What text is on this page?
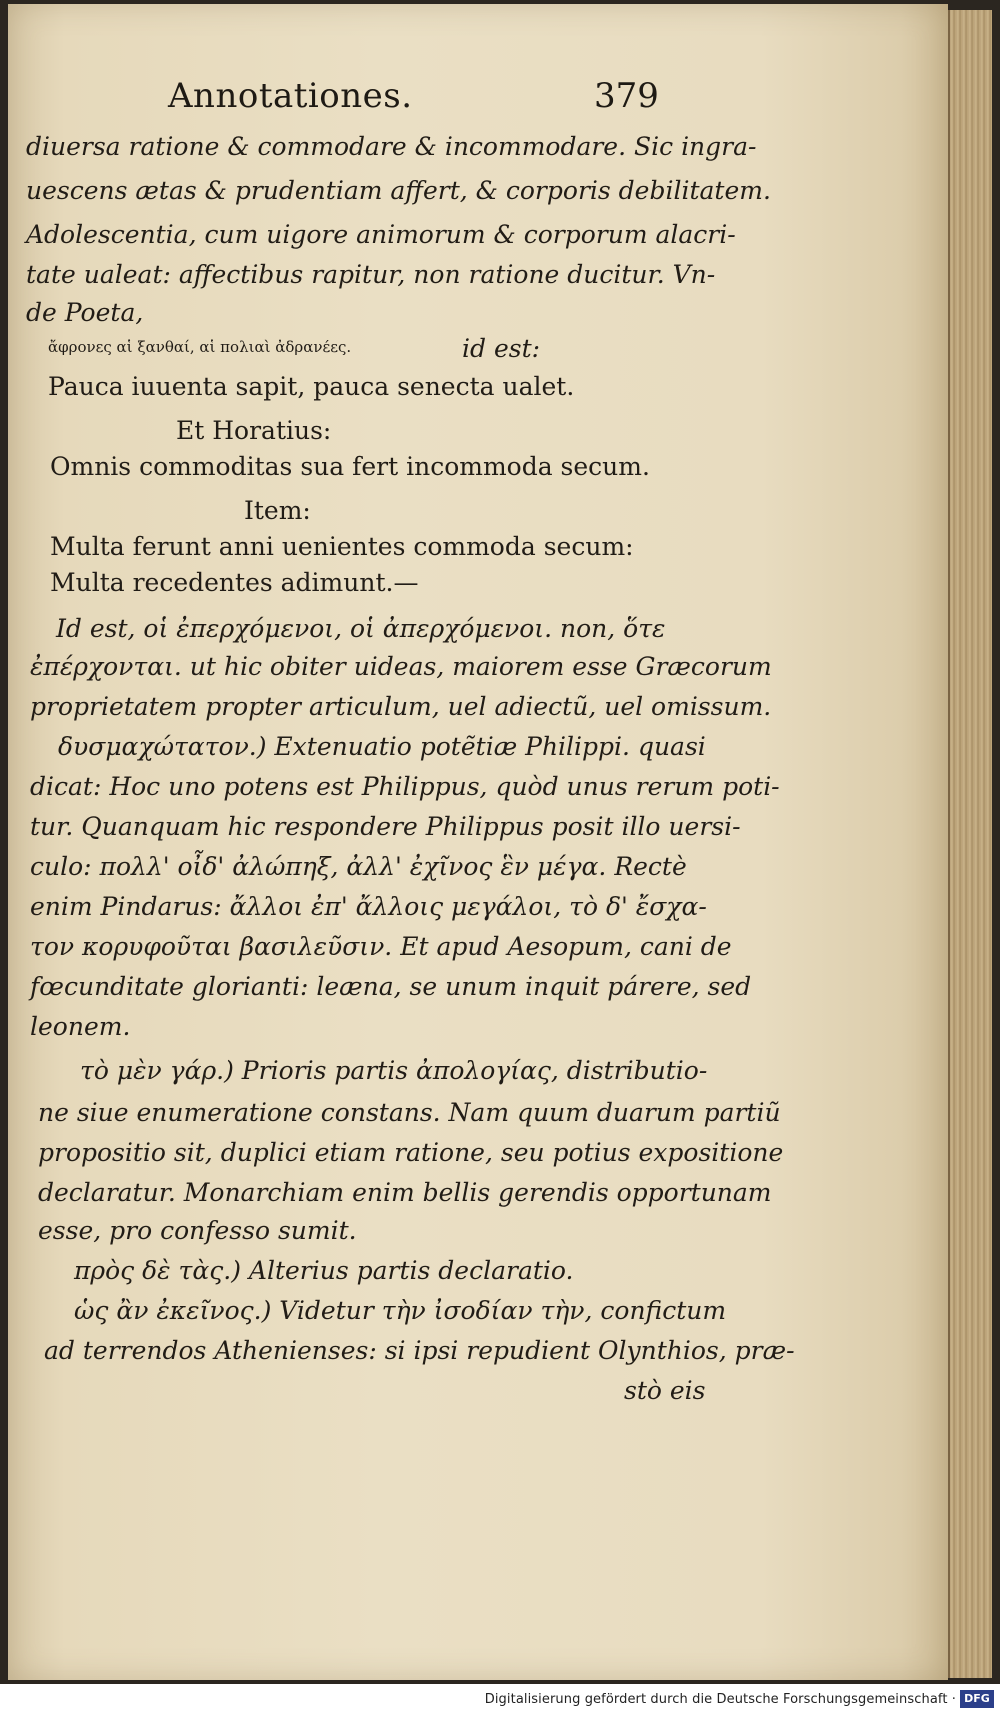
Annotationes.	379
diuersa ratione & commodare & incommodare. Sic ingra-
uescens ætas & prudentiam affert, & corporis debilitatem.
Adolescentia, cum uigore animorum & corporum alacri-
tate ualeat: affectibus rapitur, non ratione ducitur. Vn-
de Poeta,
ἄφρονες αἱ ξανθαί, αἱ πολιαὶ ἀδρανέες.	id est:
Pauca iuuenta sapit, pauca senecta ualet.
Et Horatius:
Omnis commoditas sua fert incommoda secum.
Item:
Multa ferunt anni uenientes commoda secum:
Multa recedentes adimunt.—
Id est, οἱ ἐπερχόμενοι, οἱ ἀπερχόμενοι. non, ὅτε
ἐπέρχονται. ut hic obiter uideas, maiorem esse Græcorum
proprietatem propter articulum, uel adiectũ, uel omissum.
δυσμαχώτατον.) Extenuatio potẽtiæ Philippi. quasi
dicat: Hoc uno potens est Philippus, quòd unus rerum poti-
tur. Quanquam hic respondere Philippus posit illo uersi-
culo: πολλ' οἶδ' ἀλώπηξ, ἀλλ' ἐχῖνος ἓν μέγα. Rectè
enim Pindarus: ἄλλοι ἐπ' ἄλλοις μεγάλοι, τὸ δ' ἔσχα-
τον κορυφοῦται βασιλεῦσιν. Et apud Aesopum, cani de
fœcunditate glorianti: leæna, se unum inquit párere, sed
leonem.
τὸ μὲν γάρ.) Prioris partis ἀπολογίας, distributio-
ne siue enumeratione constans. Nam quum duarum partiũ
propositio sit, duplici etiam ratione, seu potius expositione
declaratur. Monarchiam enim bellis gerendis opportunam
esse, pro confesso sumit.
πρὸς δὲ τὰς.) Alterius partis declaratio.
ὡς ἂν ἐκεῖνος.) Videtur τὴν ἰσοδίαν τὴν, confictum
ad terrendos Athenienses: si ipsi repudient Olynthios, præ-
stò eis
Digitalisierung gefördert durch die Deutsche Forschungsgemeinschaft · DFG
